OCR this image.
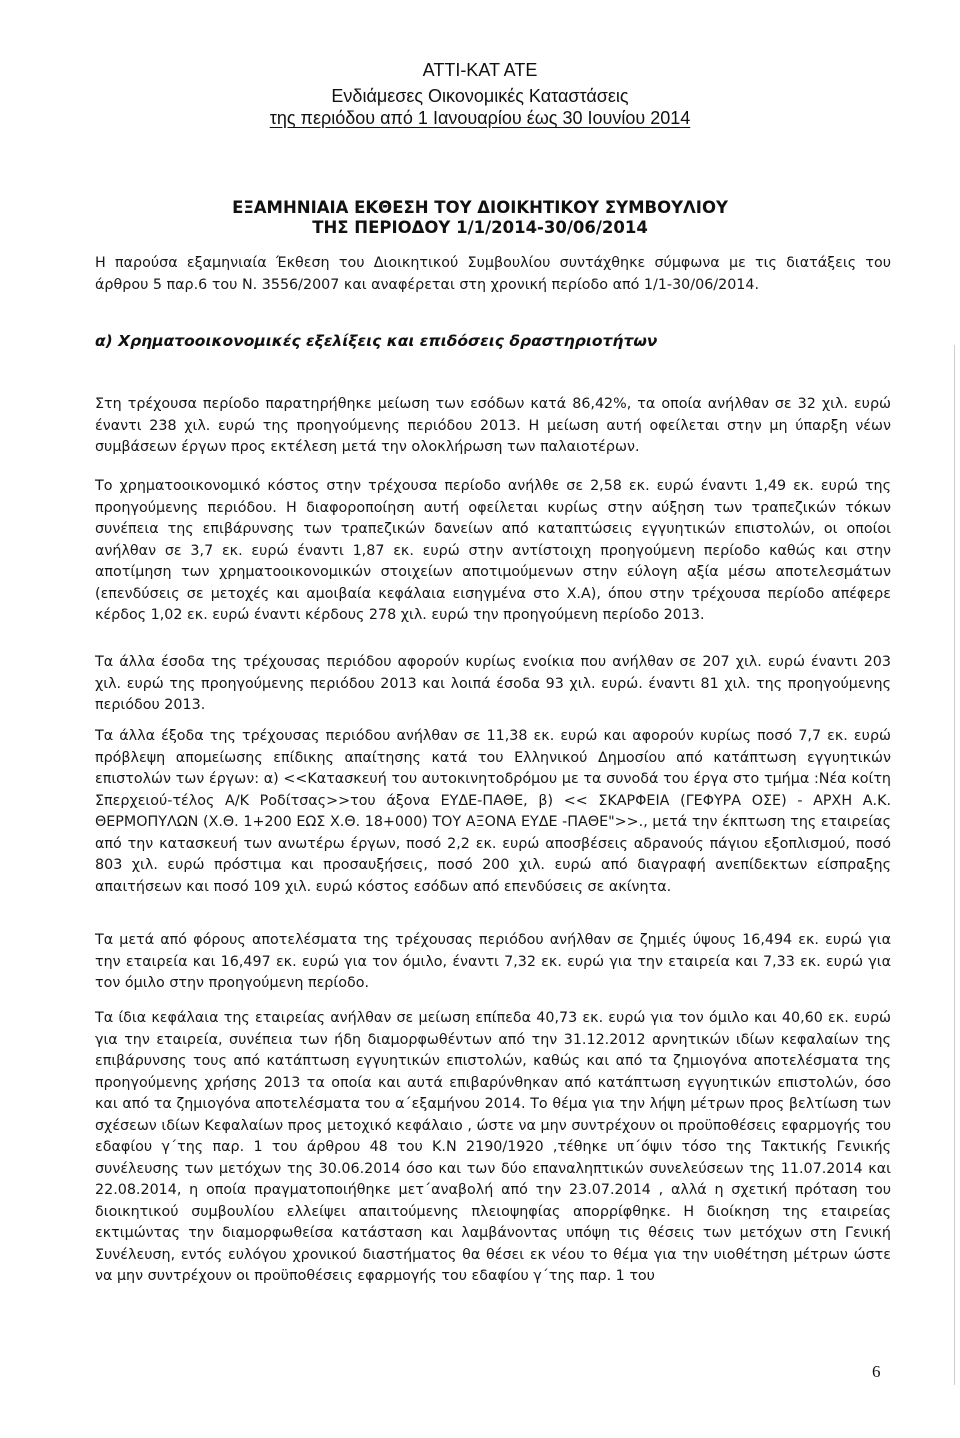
ΑΤΤΙ-ΚΑΤ ΑΤΕ
Ενδιάμεσες Οικονομικές Καταστάσεις
της περιόδου από 1 Ιανουαρίου έως 30 Ιουνίου 2014
ΕΞΑΜΗΝΙΑΙΑ ΕΚΘΕΣΗ ΤΟΥ ΔΙΟΙΚΗΤΙΚΟΥ ΣΥΜΒΟΥΛΙΟΥ
ΤΗΣ ΠΕΡΙΟΔΟΥ 1/1/2014-30/06/2014

Η παρούσα εξαμηνιαία Έκθεση του Διοικητικού Συμβουλίου συντάχθηκε σύμφωνα με τις διατάξεις του άρθρου 5 παρ.6 του Ν. 3556/2007 και αναφέρεται στη χρονική περίοδο από 1/1-30/06/2014.

α) Χρηματοοικονομικές εξελίξεις και επιδόσεις δραστηριοτήτων

Στη τρέχουσα περίοδο παρατηρήθηκε μείωση των εσόδων κατά 86,42%, τα οποία ανήλθαν σε 32 χιλ. ευρώ έναντι 238 χιλ. ευρώ της προηγούμενης περιόδου 2013. Η μείωση αυτή οφείλεται στην μη ύπαρξη νέων συμβάσεων έργων προς εκτέλεση μετά την ολοκλήρωση των παλαιοτέρων.

Το χρηματοοικονομικό κόστος στην τρέχουσα περίοδο ανήλθε σε 2,58 εκ. ευρώ έναντι 1,49 εκ. ευρώ της προηγούμενης περιόδου. Η διαφοροποίηση αυτή οφείλεται κυρίως στην αύξηση των τραπεζικών τόκων συνέπεια της επιβάρυνσης των τραπεζικών δανείων από καταπτώσεις εγγυητικών επιστολών, οι οποίοι ανήλθαν σε 3,7 εκ. ευρώ έναντι 1,87 εκ. ευρώ στην αντίστοιχη προηγούμενη περίοδο καθώς και στην αποτίμηση των χρηματοοικονομικών στοιχείων αποτιμούμενων στην εύλογη αξία μέσω αποτελεσμάτων (επενδύσεις σε μετοχές και αμοιβαία κεφάλαια εισηγμένα στο Χ.Α), όπου στην τρέχουσα περίοδο απέφερε κέρδος 1,02 εκ. ευρώ έναντι κέρδους 278 χιλ. ευρώ την προηγούμενη περίοδο 2013.

Τα άλλα έσοδα της τρέχουσας περιόδου αφορούν κυρίως ενοίκια που ανήλθαν σε 207 χιλ. ευρώ έναντι 203 χιλ. ευρώ της προηγούμενης περιόδου 2013 και λοιπά έσοδα 93 χιλ. ευρώ. έναντι 81 χιλ. της προηγούμενης περιόδου 2013.

Τα άλλα έξοδα της τρέχουσας περιόδου ανήλθαν σε 11,38 εκ. ευρώ και αφορούν κυρίως ποσό 7,7 εκ. ευρώ πρόβλεψη απομείωσης επίδικης απαίτησης κατά του Ελληνικού Δημοσίου από κατάπτωση εγγυητικών επιστολών των έργων: α) <<Κατασκευή του αυτοκινητοδρόμου με τα συνοδά του έργα στο τμήμα :Νέα κοίτη Σπερχειού-τέλος Α/Κ Ροδίτσας>>του άξονα ΕΥΔΕ-ΠΑΘΕ, β) << ΣΚΑΡΦΕΙΑ (ΓΕΦΥΡΑ ΟΣΕ) - ΑΡΧΗ Α.Κ. ΘΕΡΜΟΠΥΛΩΝ (Χ.Θ. 1+200 ΕΩΣ Χ.Θ. 18+000) ΤΟΥ ΑΞΟΝΑ ΕΥΔΕ -ΠΑΘΕ">>., μετά την έκπτωση της εταιρείας από την κατασκευή των ανωτέρω έργων, ποσό 2,2 εκ. ευρώ αποσβέσεις αδρανούς πάγιου εξοπλισμού, ποσό 803 χιλ. ευρώ πρόστιμα και προσαυξήσεις, ποσό 200 χιλ. ευρώ από διαγραφή ανεπίδεκτων είσπραξης απαιτήσεων και ποσό 109 χιλ. ευρώ κόστος εσόδων από επενδύσεις σε ακίνητα.

Τα μετά από φόρους αποτελέσματα της τρέχουσας περιόδου ανήλθαν σε ζημιές ύψους 16,494 εκ. ευρώ για την εταιρεία και 16,497 εκ. ευρώ για τον όμιλο, έναντι 7,32 εκ. ευρώ για την εταιρεία και 7,33 εκ. ευρώ για τον όμιλο στην προηγούμενη περίοδο.

Τα ίδια κεφάλαια της εταιρείας ανήλθαν σε μείωση επίπεδα 40,73 εκ. ευρώ για τον όμιλο και 40,60 εκ. ευρώ για την εταιρεία, συνέπεια των ήδη διαμορφωθέντων από την 31.12.2012 αρνητικών ιδίων κεφαλαίων της επιβάρυνσης τους από κατάπτωση εγγυητικών επιστολών, καθώς και από τα ζημιογόνα αποτελέσματα της προηγούμενης χρήσης 2013 τα οποία και αυτά επιβαρύνθηκαν από κατάπτωση εγγυητικών επιστολών, όσο και από τα ζημιογόνα αποτελέσματα του α΄εξαμήνου 2014. Το θέμα για την λήψη μέτρων προς βελτίωση των σχέσεων ιδίων Κεφαλαίων προς μετοχικό κεφάλαιο , ώστε να μην συντρέχουν οι προϋποθέσεις εφαρμογής του εδαφίου γ΄της παρ. 1 του άρθρου 48 του Κ.Ν 2190/1920 ,τέθηκε υπ΄όψιν τόσο της Τακτικής Γενικής συνέλευσης των μετόχων της 30.06.2014 όσο και των δύο επαναληπτικών συνελεύσεων της 11.07.2014 και 22.08.2014, η οποία πραγματοποιήθηκε μετ΄αναβολή από την 23.07.2014 , αλλά η σχετική πρόταση του διοικητικού συμβουλίου ελλείψει απαιτούμενης πλειοψηφίας απορρίφθηκε. Η διοίκηση της εταιρείας εκτιμώντας την διαμορφωθείσα κατάσταση και λαμβάνοντας υπόψη τις θέσεις των μετόχων στη Γενική Συνέλευση, εντός ευλόγου χρονικού διαστήματος θα θέσει εκ νέου το θέμα για την υιοθέτηση μέτρων ώστε να μην συντρέχουν οι προϋποθέσεις εφαρμογής του εδαφίου γ΄της παρ. 1 του

6
